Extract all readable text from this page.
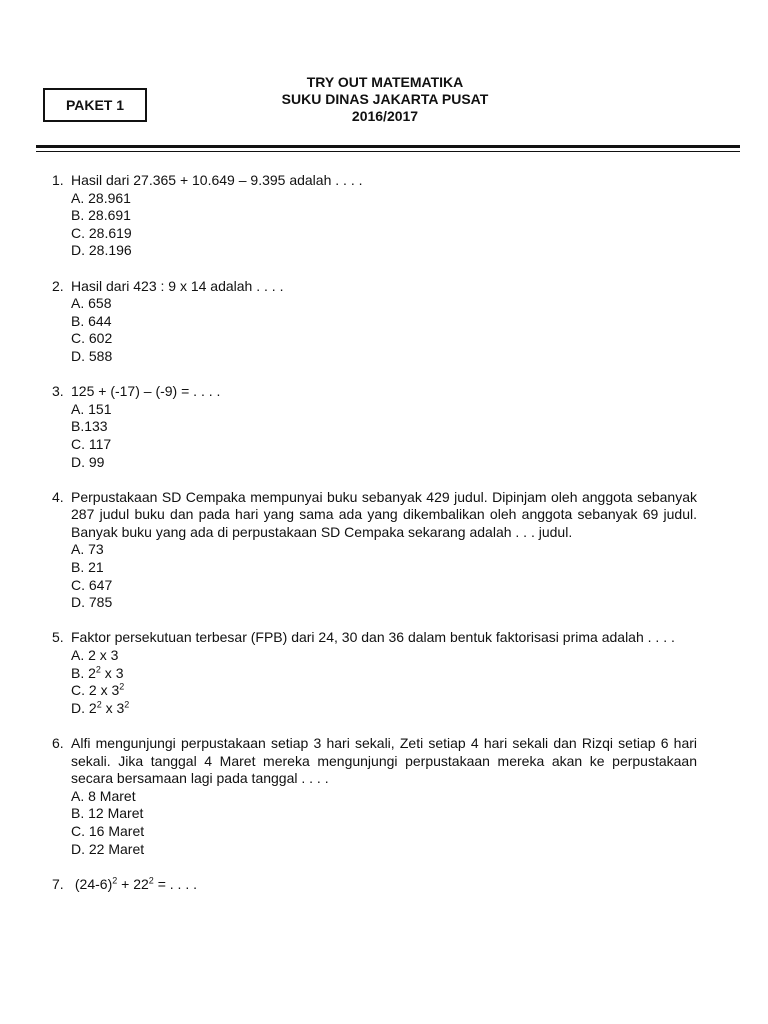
PAKET 1
TRY OUT MATEMATIKA
SUKU DINAS JAKARTA PUSAT
2016/2017
1. Hasil dari 27.365 + 10.649 – 9.395 adalah . . . .
A. 28.961
B. 28.691
C. 28.619
D. 28.196
2. Hasil dari 423 : 9 x 14 adalah . . . .
A. 658
B. 644
C. 602
D. 588
3. 125 + (-17) – (-9) = . . . .
A. 151
B.133
C. 117
D. 99
4. Perpustakaan SD Cempaka mempunyai buku sebanyak 429 judul. Dipinjam oleh anggota sebanyak 287 judul buku dan pada hari yang sama ada yang dikembalikan oleh anggota sebanyak 69 judul. Banyak buku yang ada di perpustakaan SD Cempaka sekarang adalah . . . judul.
A. 73
B. 21
C. 647
D. 785
5. Faktor persekutuan terbesar (FPB) dari 24, 30 dan 36 dalam bentuk faktorisasi prima adalah . . . .
A. 2 x 3
B. $2^2$ x 3
C. 2 x $3^2$
D. $2^2$ x $3^2$
6. Alfi mengunjungi perpustakaan setiap 3 hari sekali, Zeti setiap 4 hari sekali dan Rizqi setiap 6 hari sekali. Jika tanggal 4 Maret mereka mengunjungi perpustakaan mereka akan ke perpustakaan secara bersamaan lagi pada tanggal . . . .
A. 8 Maret
B. 12 Maret
C. 16 Maret
D. 22 Maret
7. $(24-6)^2 + 22^2$ = . . . .
